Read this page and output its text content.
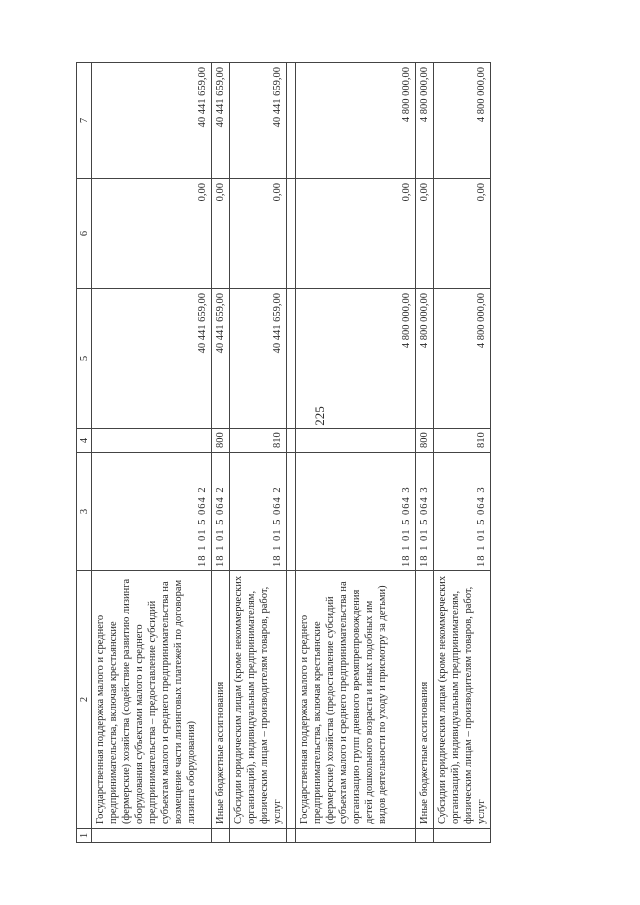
225
1	2	3	4	5	6	7
	Государственная поддержка малого и среднего предпринимательства, включая крестьянские (фермерские) хозяйства (содействие развитию лизинга оборудования субъектами малого и среднего предпринимательства – предоставление субсидий субъектам малого и среднего предпринимательства на возмещение части лизинговых платежей по договорам лизинга оборудования)	18 1 01 5 064 2		40 441 659,00	0,00	40 441 659,00
	Иные бюджетные ассигнования	18 1 01 5 064 2	800	40 441 659,00	0,00	40 441 659,00
	Субсидии юридическим лицам (кроме некоммерческих организаций), индивидуальным предпринимателям, физическим лицам – производителям товаров, работ, услуг	18 1 01 5 064 2	810	40 441 659,00	0,00	40 441 659,00

	Государственная поддержка малого и среднего предпринимательства, включая крестьянские (фермерские) хозяйства (предоставление субсидий субъектам малого и среднего предпринимательства на организацию групп дневного времяпрепровождения детей дошкольного возраста и иных подобных им видов деятельности по уходу и присмотру за детьми)	18 1 01 5 064 3		4 800 000,00	0,00	4 800 000,00
	Иные бюджетные ассигнования	18 1 01 5 064 3	800	4 800 000,00	0,00	4 800 000,00
	Субсидии юридическим лицам (кроме некоммерческих организаций), индивидуальным предпринимателям, физическим лицам – производителям товаров, работ, услуг	18 1 01 5 064 3	810	4 800 000,00	0,00	4 800 000,00
